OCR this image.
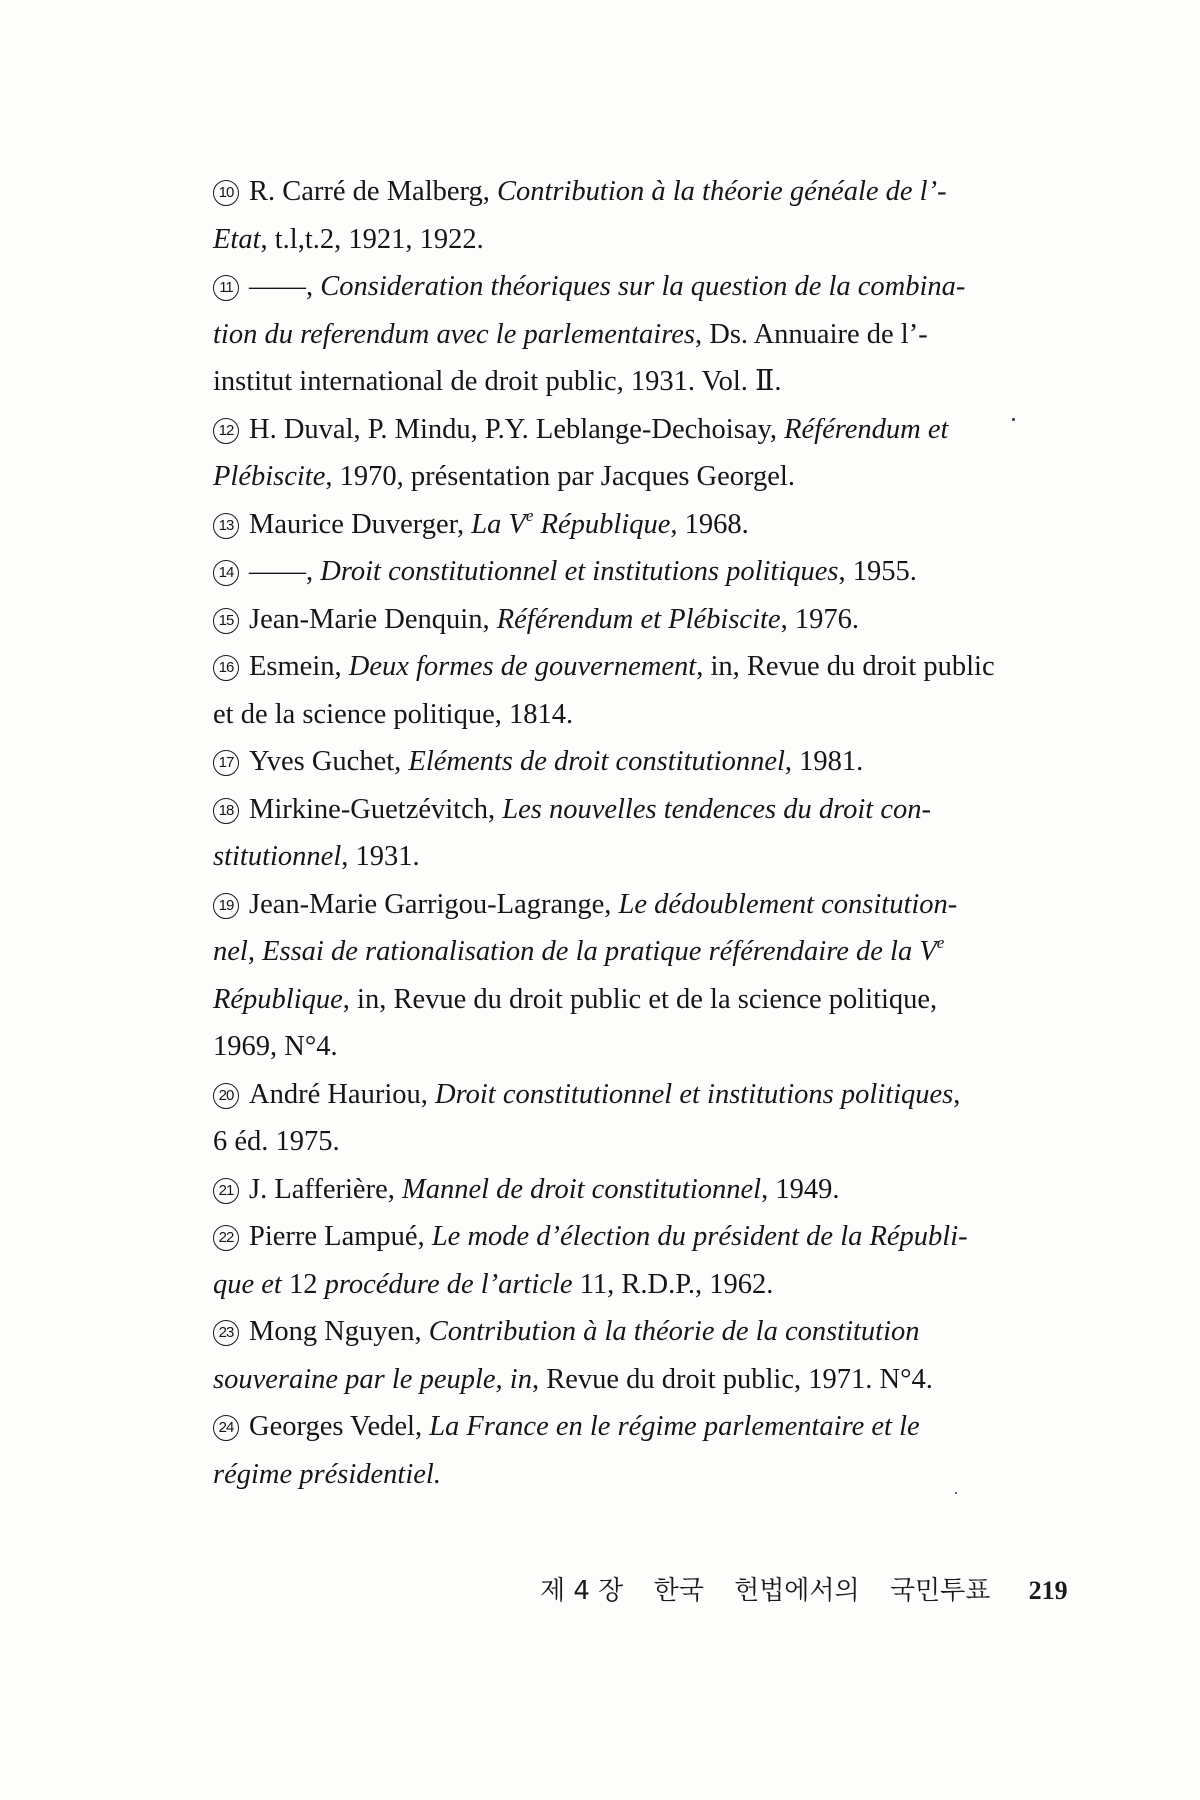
10 R. Carré de Malberg, Contribution à la théorie généale de l’-
Etat, t.l,t.2, 1921, 1922.
11 ——, Consideration théoriques sur la question de la combina-
tion du referendum avec le parlementaires, Ds. Annuaire de l’-
institut international de droit public, 1931. Vol. Ⅱ.
12 H. Duval, P. Mindu, P.Y. Leblange-Dechoisay, Référendum et
Plébiscite, 1970, présentation par Jacques Georgel.
13 Maurice Duverger, La Ve République, 1968.
14 ——, Droit constitutionnel et institutions politiques, 1955.
15 Jean-Marie Denquin, Référendum et Plébiscite, 1976.
16 Esmein, Deux formes de gouvernement, in, Revue du droit public
et de la science politique, 1814.
17 Yves Guchet, Eléments de droit constitutionnel, 1981.
18 Mirkine-Guetzévitch, Les nouvelles tendences du droit con-
stitutionnel, 1931.
19 Jean-Marie Garrigou-Lagrange, Le dédoublement consitution-
nel, Essai de rationalisation de la pratique référendaire de la Ve
République, in, Revue du droit public et de la science politique,
1969, N°4.
20 André Hauriou, Droit constitutionnel et institutions politiques,
6 éd. 1975.
21 J. Lafferière, Mannel de droit constitutionnel, 1949.
22 Pierre Lampué, Le mode d’élection du président de la Républi-
que et 12 procédure de l’article 11, R.D.P., 1962.
23 Mong Nguyen, Contribution à la théorie de la constitution
souveraine par le peuple, in, Revue du droit public, 1971. N°4.
24 Georges Vedel, La France en le régime parlementaire et le
régime présidentiel.
제 4 장 한국 헌법에서의 국민투표 219
